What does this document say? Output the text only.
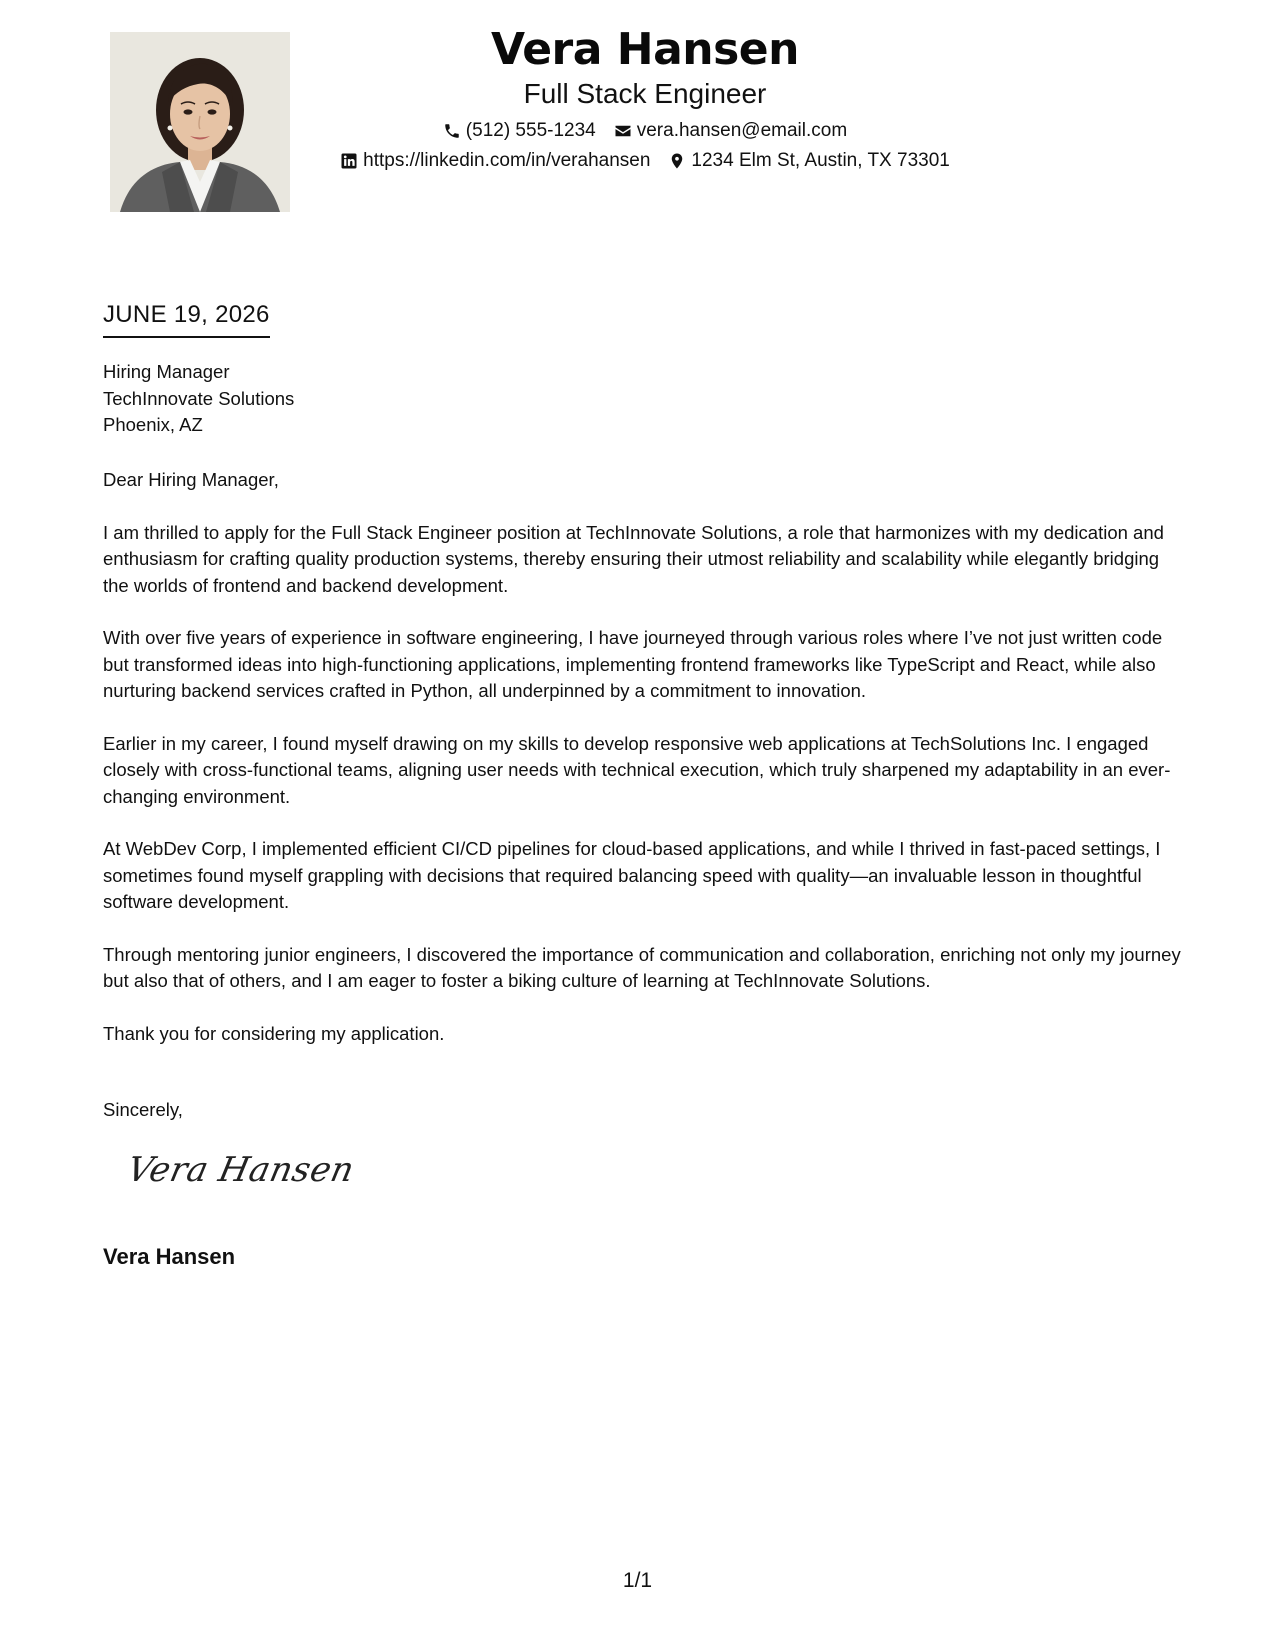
Vera Hansen
Full Stack Engineer
(512) 555-1234 vera.hansen@email.com
https://linkedin.com/in/verahansen 1234 Elm St, Austin, TX 73301
JUNE 19, 2026
Hiring Manager
TechInnovate Solutions
Phoenix, AZ

Dear Hiring Manager,

I am thrilled to apply for the Full Stack Engineer position at TechInnovate Solutions, a role that harmonizes with my dedication and enthusiasm for crafting quality production systems, thereby ensuring their utmost reliability and scalability while elegantly bridging the worlds of frontend and backend development.

With over five years of experience in software engineering, I have journeyed through various roles where I’ve not just written code but transformed ideas into high-functioning applications, implementing frontend frameworks like TypeScript and React, while also nurturing backend services crafted in Python, all underpinned by a commitment to innovation.

Earlier in my career, I found myself drawing on my skills to develop responsive web applications at TechSolutions Inc. I engaged closely with cross-functional teams, aligning user needs with technical execution, which truly sharpened my adaptability in an ever-changing environment.

At WebDev Corp, I implemented efficient CI/CD pipelines for cloud-based applications, and while I thrived in fast-paced settings, I sometimes found myself grappling with decisions that required balancing speed with quality—an invaluable lesson in thoughtful software development.

Through mentoring junior engineers, I discovered the importance of communication and collaboration, enriching not only my journey but also that of others, and I am eager to foster a biking culture of learning at TechInnovate Solutions.

Thank you for considering my application.

Sincerely,
Vera Hansen
Vera Hansen
1/1
